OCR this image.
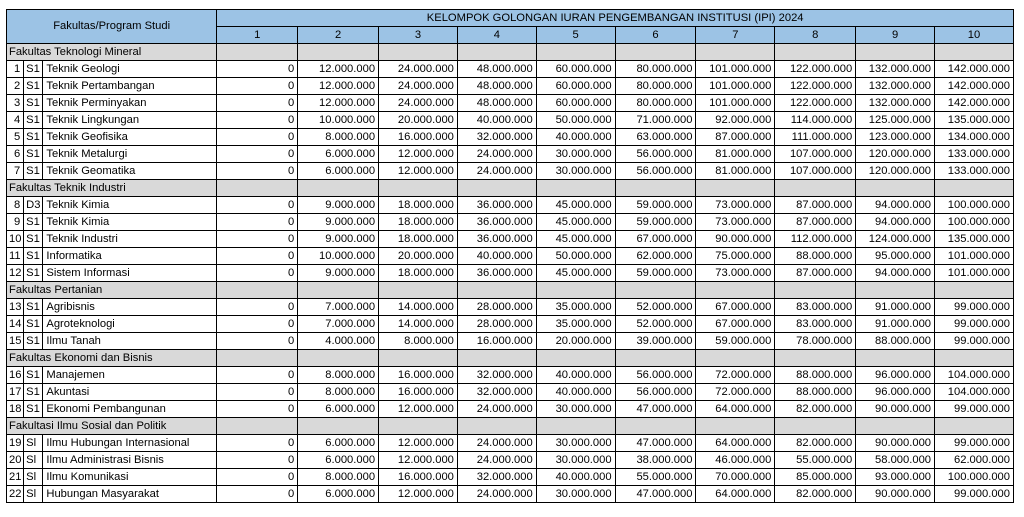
Fakultas/Program Studi			KELOMPOK GOLONGAN IURAN PENGEMBANGAN INSTITUSI (IPI) 2024									
			1	2	3	4	5	6	7	8	9	10
Fakultas Teknologi Mineral												
1	S1	Teknik Geologi	0	12.000.000	24.000.000	48.000.000	60.000.000	80.000.000	101.000.000	122.000.000	132.000.000	142.000.000
2	S1	Teknik Pertambangan	0	12.000.000	24.000.000	48.000.000	60.000.000	80.000.000	101.000.000	122.000.000	132.000.000	142.000.000
3	S1	Teknik Perminyakan	0	12.000.000	24.000.000	48.000.000	60.000.000	80.000.000	101.000.000	122.000.000	132.000.000	142.000.000
4	S1	Teknik Lingkungan	0	10.000.000	20.000.000	40.000.000	50.000.000	71.000.000	92.000.000	114.000.000	125.000.000	135.000.000
5	S1	Teknik Geofisika	0	8.000.000	16.000.000	32.000.000	40.000.000	63.000.000	87.000.000	111.000.000	123.000.000	134.000.000
6	S1	Teknik Metalurgi	0	6.000.000	12.000.000	24.000.000	30.000.000	56.000.000	81.000.000	107.000.000	120.000.000	133.000.000
7	S1	Teknik Geomatika	0	6.000.000	12.000.000	24.000.000	30.000.000	56.000.000	81.000.000	107.000.000	120.000.000	133.000.000
Fakultas Teknik Industri												
8	D3	Teknik Kimia	0	9.000.000	18.000.000	36.000.000	45.000.000	59.000.000	73.000.000	87.000.000	94.000.000	100.000.000
9	S1	Teknik Kimia	0	9.000.000	18.000.000	36.000.000	45.000.000	59.000.000	73.000.000	87.000.000	94.000.000	100.000.000
10	S1	Teknik Industri	0	9.000.000	18.000.000	36.000.000	45.000.000	67.000.000	90.000.000	112.000.000	124.000.000	135.000.000
11	S1	Informatika	0	10.000.000	20.000.000	40.000.000	50.000.000	62.000.000	75.000.000	88.000.000	95.000.000	101.000.000
12	S1	Sistem Informasi	0	9.000.000	18.000.000	36.000.000	45.000.000	59.000.000	73.000.000	87.000.000	94.000.000	101.000.000
Fakultas Pertanian												
13	S1	Agribisnis	0	7.000.000	14.000.000	28.000.000	35.000.000	52.000.000	67.000.000	83.000.000	91.000.000	99.000.000
14	S1	Agroteknologi	0	7.000.000	14.000.000	28.000.000	35.000.000	52.000.000	67.000.000	83.000.000	91.000.000	99.000.000
15	S1	Ilmu Tanah	0	4.000.000	8.000.000	16.000.000	20.000.000	39.000.000	59.000.000	78.000.000	88.000.000	99.000.000
Fakultas Ekonomi dan Bisnis												
16	S1	Manajemen	0	8.000.000	16.000.000	32.000.000	40.000.000	56.000.000	72.000.000	88.000.000	96.000.000	104.000.000
17	S1	Akuntasi	0	8.000.000	16.000.000	32.000.000	40.000.000	56.000.000	72.000.000	88.000.000	96.000.000	104.000.000
18	S1	Ekonomi Pembangunan	0	6.000.000	12.000.000	24.000.000	30.000.000	47.000.000	64.000.000	82.000.000	90.000.000	99.000.000
Fakultasi Ilmu Sosial dan Politik												
19	Sl	Ilmu Hubungan Internasional	0	6.000.000	12.000.000	24.000.000	30.000.000	47.000.000	64.000.000	82.000.000	90.000.000	99.000.000
20	Sl	Ilmu Administrasi Bisnis	0	6.000.000	12.000.000	24.000.000	30.000.000	38.000.000	46.000.000	55.000.000	58.000.000	62.000.000
21	Sl	Ilmu Komunikasi	0	8.000.000	16.000.000	32.000.000	40.000.000	55.000.000	70.000.000	85.000.000	93.000.000	100.000.000
22	Sl	Hubungan Masyarakat	0	6.000.000	12.000.000	24.000.000	30.000.000	47.000.000	64.000.000	82.000.000	90.000.000	99.000.000
